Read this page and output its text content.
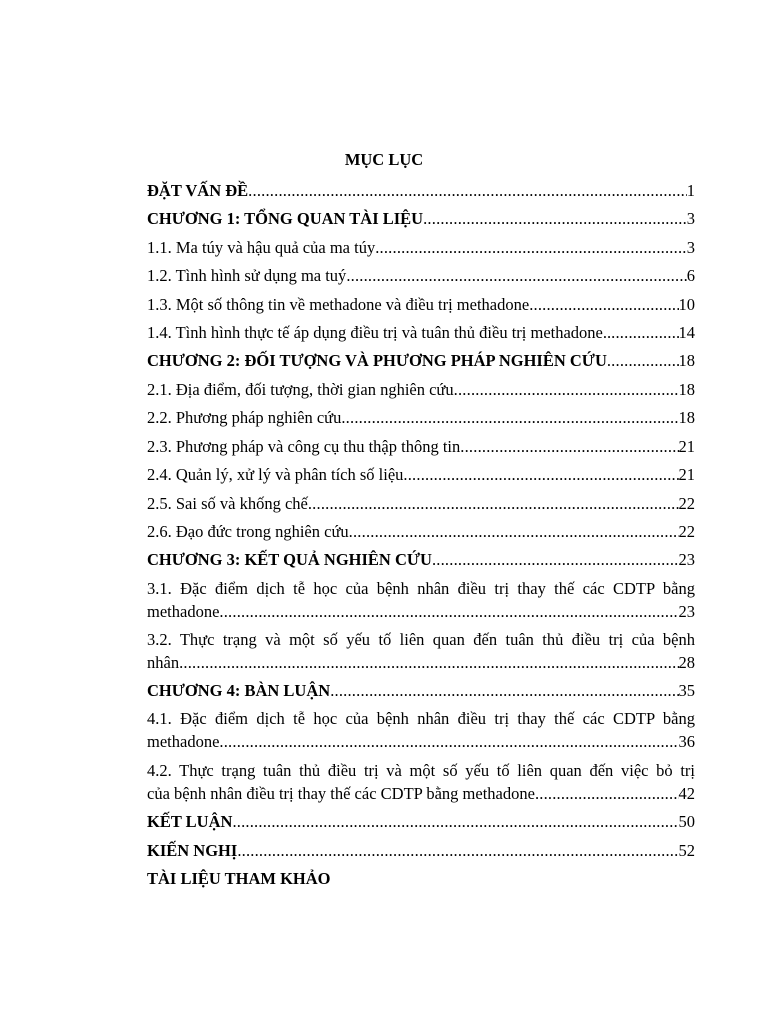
MỤC LỤC
ĐẶT VẤN ĐỀ .....	1
CHƯƠNG 1: TỔNG QUAN TÀI LIỆU .....	3
1.1. Ma túy và hậu quả của ma túy .....	3
1.2. Tình hình sử dụng ma tuý .....	6
1.3. Một số thông tin về methadone và điều trị methadone .....	10
1.4. Tình hình thực tế áp dụng điều trị và tuân thủ điều trị methadone.. .....	14
CHƯƠNG 2: ĐỐI TƯỢNG VÀ PHƯƠNG PHÁP NGHIÊN CỨU .....	18
2.1. Địa điểm, đối tượng, thời gian nghiên cứu .....	18
2.2. Phương pháp nghiên cứu .....	18
2.3. Phương pháp và công cụ thu thập thông tin .....	21
2.4. Quản lý, xử lý và phân tích số liệu .....	21
2.5. Sai số và khống chế .....	22
2.6. Đạo đức trong nghiên cứu .....	22
CHƯƠNG 3: KẾT QUẢ NGHIÊN CỨU .....	23
3.1. Đặc điểm dịch tễ học của bệnh nhân điều trị thay thế các CDTP bằng
methadone .....	23
3.2. Thực trạng và một số yếu tố liên quan đến tuân thủ điều trị của bệnh
nhân .....	28
CHƯƠNG 4: BÀN LUẬN .....	35
4.1. Đặc điểm dịch tễ học của bệnh nhân điều trị thay thế các CDTP bằng
methadone .....	36
4.2. Thực trạng tuân thủ điều trị và một số yếu tố liên quan đến việc bỏ trị
của bệnh nhân điều trị thay thế các CDTP bằng methadone .....	42
KẾT LUẬN .....	50
KIẾN NGHỊ .....	52
TÀI LIỆU THAM KHẢO
